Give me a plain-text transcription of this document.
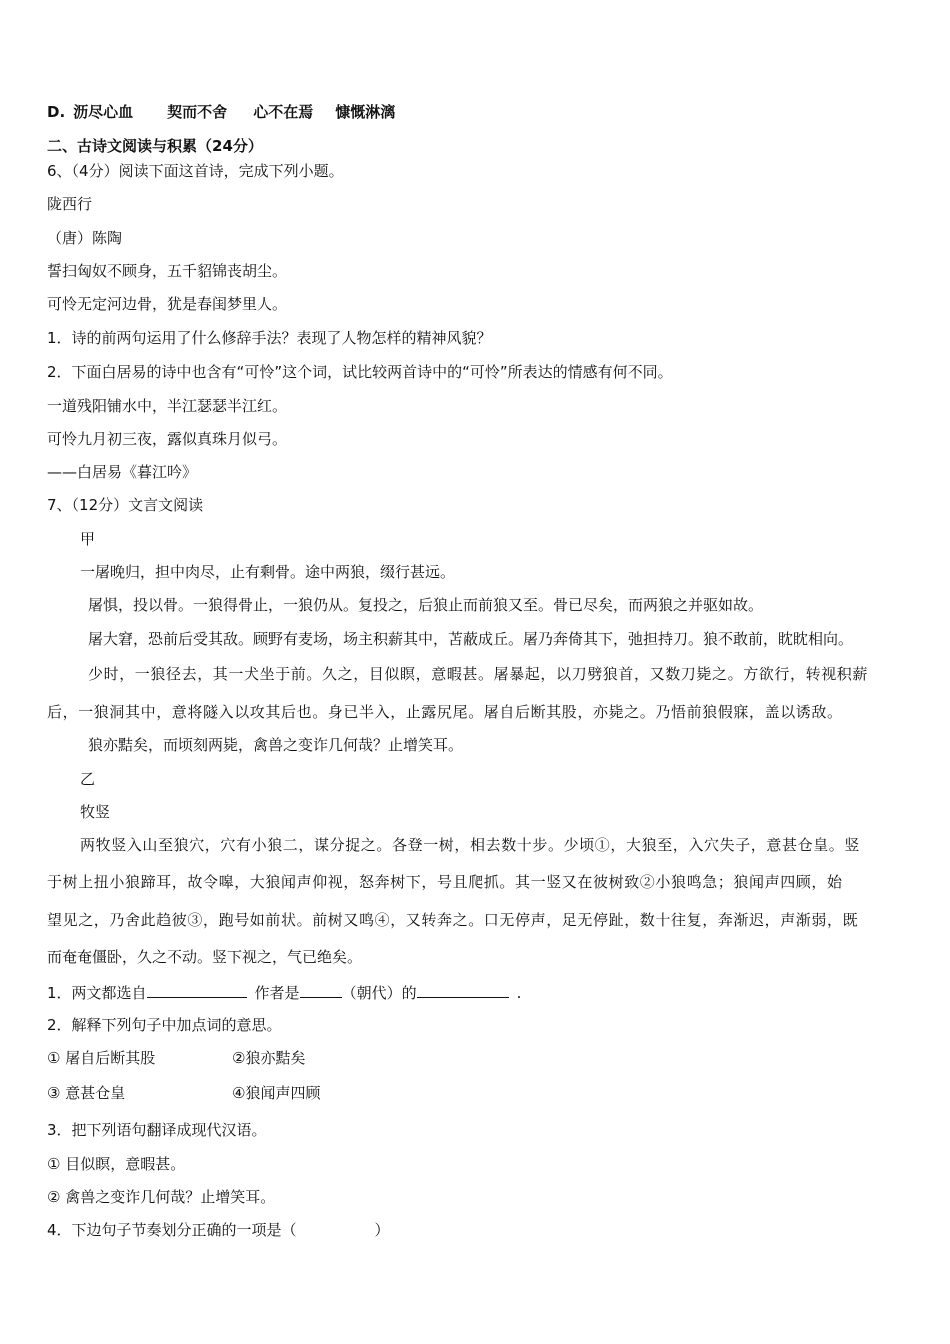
D. 沥尽心血 契而不舍 心不在焉 慷慨淋漓
二、古诗文阅读与积累（24分）
6、（4分）阅读下面这首诗，完成下列小题。
陇西行
（唐）陈陶
誓扫匈奴不顾身，五千貂锦丧胡尘。
可怜无定河边骨，犹是春闺梦里人。
1．诗的前两句运用了什么修辞手法？表现了人物怎样的精神风貌？
2．下面白居易的诗中也含有“可怜”这个词，试比较两首诗中的“可怜”所表达的情感有何不同。
一道残阳铺水中，半江瑟瑟半江红。
可怜九月初三夜，露似真珠月似弓。
——白居易《暮江吟》
7、（12分）文言文阅读
甲
一屠晚归，担中肉尽，止有剩骨。途中两狼，缀行甚远。
屠惧，投以骨。一狼得骨止，一狼仍从。复投之，后狼止而前狼又至。骨已尽矣，而两狼之并驱如故。
屠大窘，恐前后受其敌。顾野有麦场，场主积薪其中，苫蔽成丘。屠乃奔倚其下，弛担持刀。狼不敢前，眈眈相向。
少时，一狼径去，其一犬坐于前。久之，目似瞑，意暇甚。屠暴起，以刀劈狼首，又数刀毙之。方欲行，转视积薪
后，一狼洞其中，意将隧入以攻其后也。身已半入，止露尻尾。屠自后断其股，亦毙之。乃悟前狼假寐，盖以诱敌。
狼亦黠矣，而顷刻两毙，禽兽之变诈几何哉？止增笑耳。
乙
牧竖
两牧竖入山至狼穴，穴有小狼二，谋分捉之。各登一树，相去数十步。少顷①，大狼至，入穴失子，意甚仓皇。竖
于树上扭小狼蹄耳，故令嗥，大狼闻声仰视，怒奔树下，号且爬抓。其一竖又在彼树致②小狼鸣急；狼闻声四顾，始
望见之，乃舍此趋彼③，跑号如前状。前树又鸣④，又转奔之。口无停声，足无停趾，数十往复，奔渐迟，声渐弱，既
而奄奄僵卧，久之不动。竖下视之，气已绝矣。
1．两文都选自	作者是	（朝代）的	.
2．解释下列句子中加点词的意思。
① 屠自后断其股	②狼亦黠矣
③ 意甚仓皇	④狼闻声四顾
3．把下列语句翻译成现代汉语。
① 目似瞑，意暇甚。
② 禽兽之变诈几何哉？止增笑耳。
4．下边句子节奏划分正确的一项是（	）
